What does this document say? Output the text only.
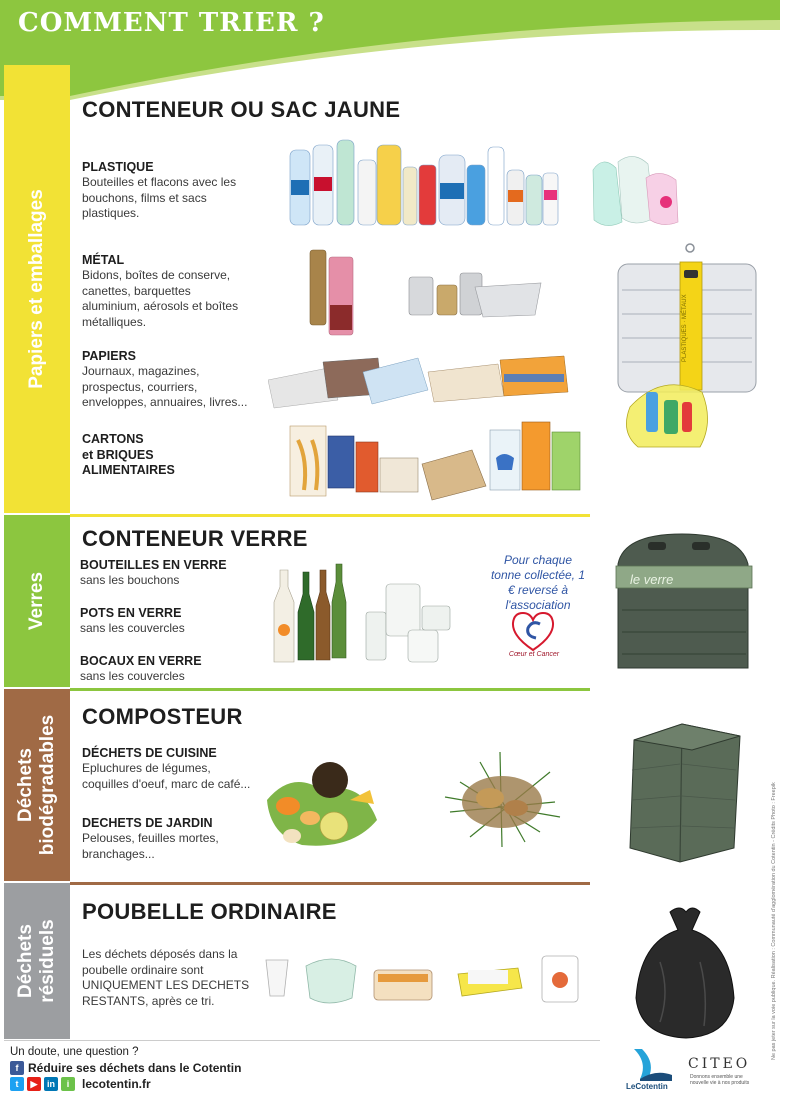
COMMENT TRIER ?
Papiers et emballages
Verres
Déchets biodégradables
Déchets résiduels
CONTENEUR OU SAC JAUNE
PLASTIQUE
Bouteilles et flacons avec les bouchons, films et sacs plastiques.
MÉTAL
Bidons, boîtes de conserve, canettes, barquettes aluminium, aérosols et boîtes métalliques.
PAPIERS
Journaux, magazines, prospectus, courriers, enveloppes, annuaires, livres...
CARTONS
et BRIQUES
ALIMENTAIRES
PLASTIQUES · MÉTAUX
CONTENEUR VERRE
BOUTEILLES EN VERRE
sans les bouchons
POTS EN VERRE
sans les couvercles
BOCAUX EN VERRE
sans les couvercles
Pour chaque tonne collectée, 1 € reversé à l'association
Cœur et Cancer
le verre
COMPOSTEUR
DÉCHETS DE CUISINE
Epluchures de légumes, coquilles d'oeuf, marc de café...
DECHETS DE JARDIN
Pelouses, feuilles mortes, branchages...
POUBELLE ORDINAIRE
Les déchets déposés dans la poubelle ordinaire sont UNIQUEMENT LES DECHETS RESTANTS, après ce tri.
Un doute, une question ?
f Réduire ses déchets dans le Cotentin
t	▶	in	i	lecotentin.fr	LeCotentin
CITEO
Donnons ensemble une nouvelle vie à nos produits
Ne pas jeter sur la voie publique. Réalisation : Communauté d'agglomération du Cotentin - Crédits Photo : Freepik
